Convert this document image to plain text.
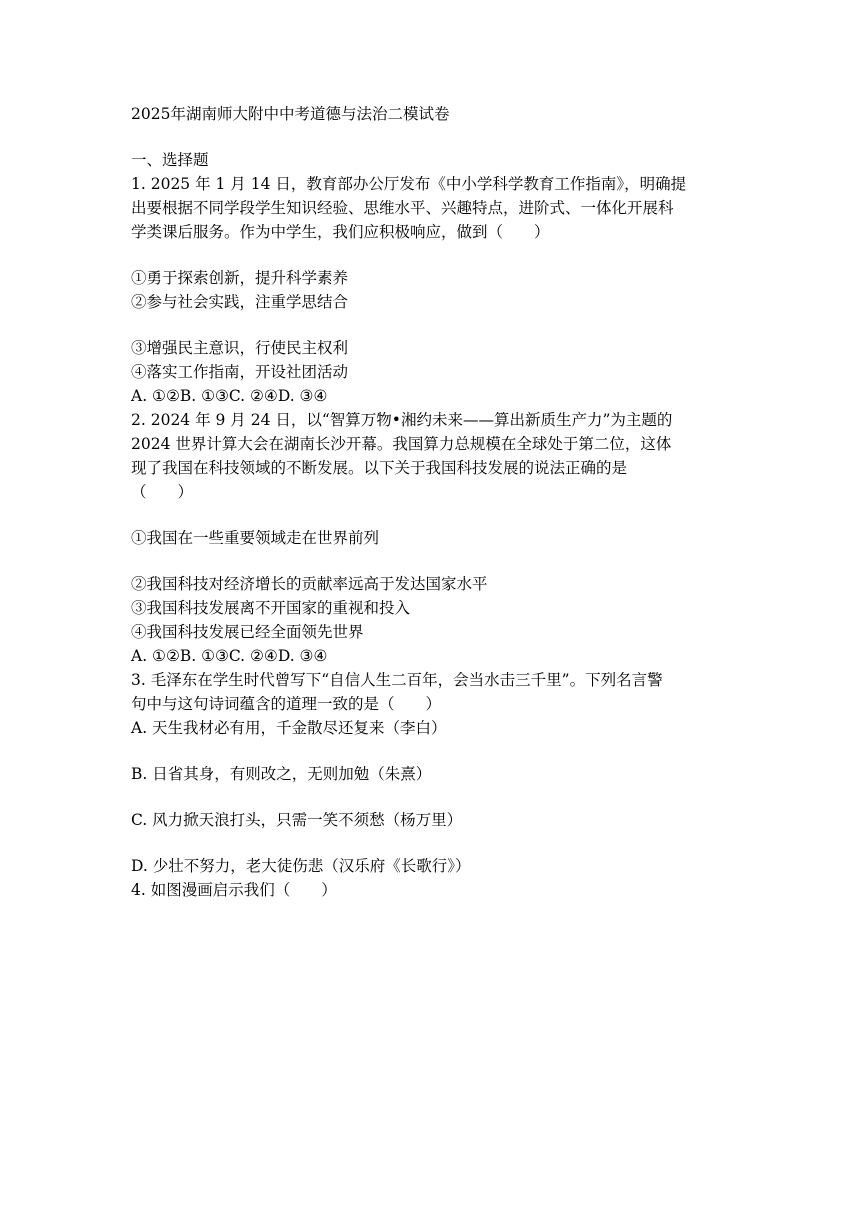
2025年湖南师大附中中考道德与法治二模试卷
一、选择题
1. 2025 年 1 月 14 日，教育部办公厅发布《中小学科学教育工作指南》，明确提
出要根据不同学段学生知识经验、思维水平、兴趣特点，进阶式、一体化开展科
学类课后服务。作为中学生，我们应积极响应，做到（　　）
①勇于探索创新，提升科学素养
②参与社会实践，注重学思结合
③增强民主意识，行使民主权利
④落实工作指南，开设社团活动
A. ①②B. ①③C. ②④D. ③④
2. 2024 年 9 月 24 日，以“智算万物•湘约未来——算出新质生产力”为主题的
2024 世界计算大会在湖南长沙开幕。我国算力总规模在全球处于第二位，这体
现了我国在科技领域的不断发展。以下关于我国科技发展的说法正确的是
（　　）
①我国在一些重要领域走在世界前列
②我国科技对经济增长的贡献率远高于发达国家水平
③我国科技发展离不开国家的重视和投入
④我国科技发展已经全面领先世界
A. ①②B. ①③C. ②④D. ③④
3. 毛泽东在学生时代曾写下“自信人生二百年，会当水击三千里”。下列名言警
句中与这句诗词蕴含的道理一致的是（　　）
A. 天生我材必有用，千金散尽还复来（李白）
B. 日省其身，有则改之，无则加勉（朱熹）
C. 风力掀天浪打头，只需一笑不须愁（杨万里）
D. 少壮不努力，老大徒伤悲（汉乐府《长歌行》）
4. 如图漫画启示我们（　　）
